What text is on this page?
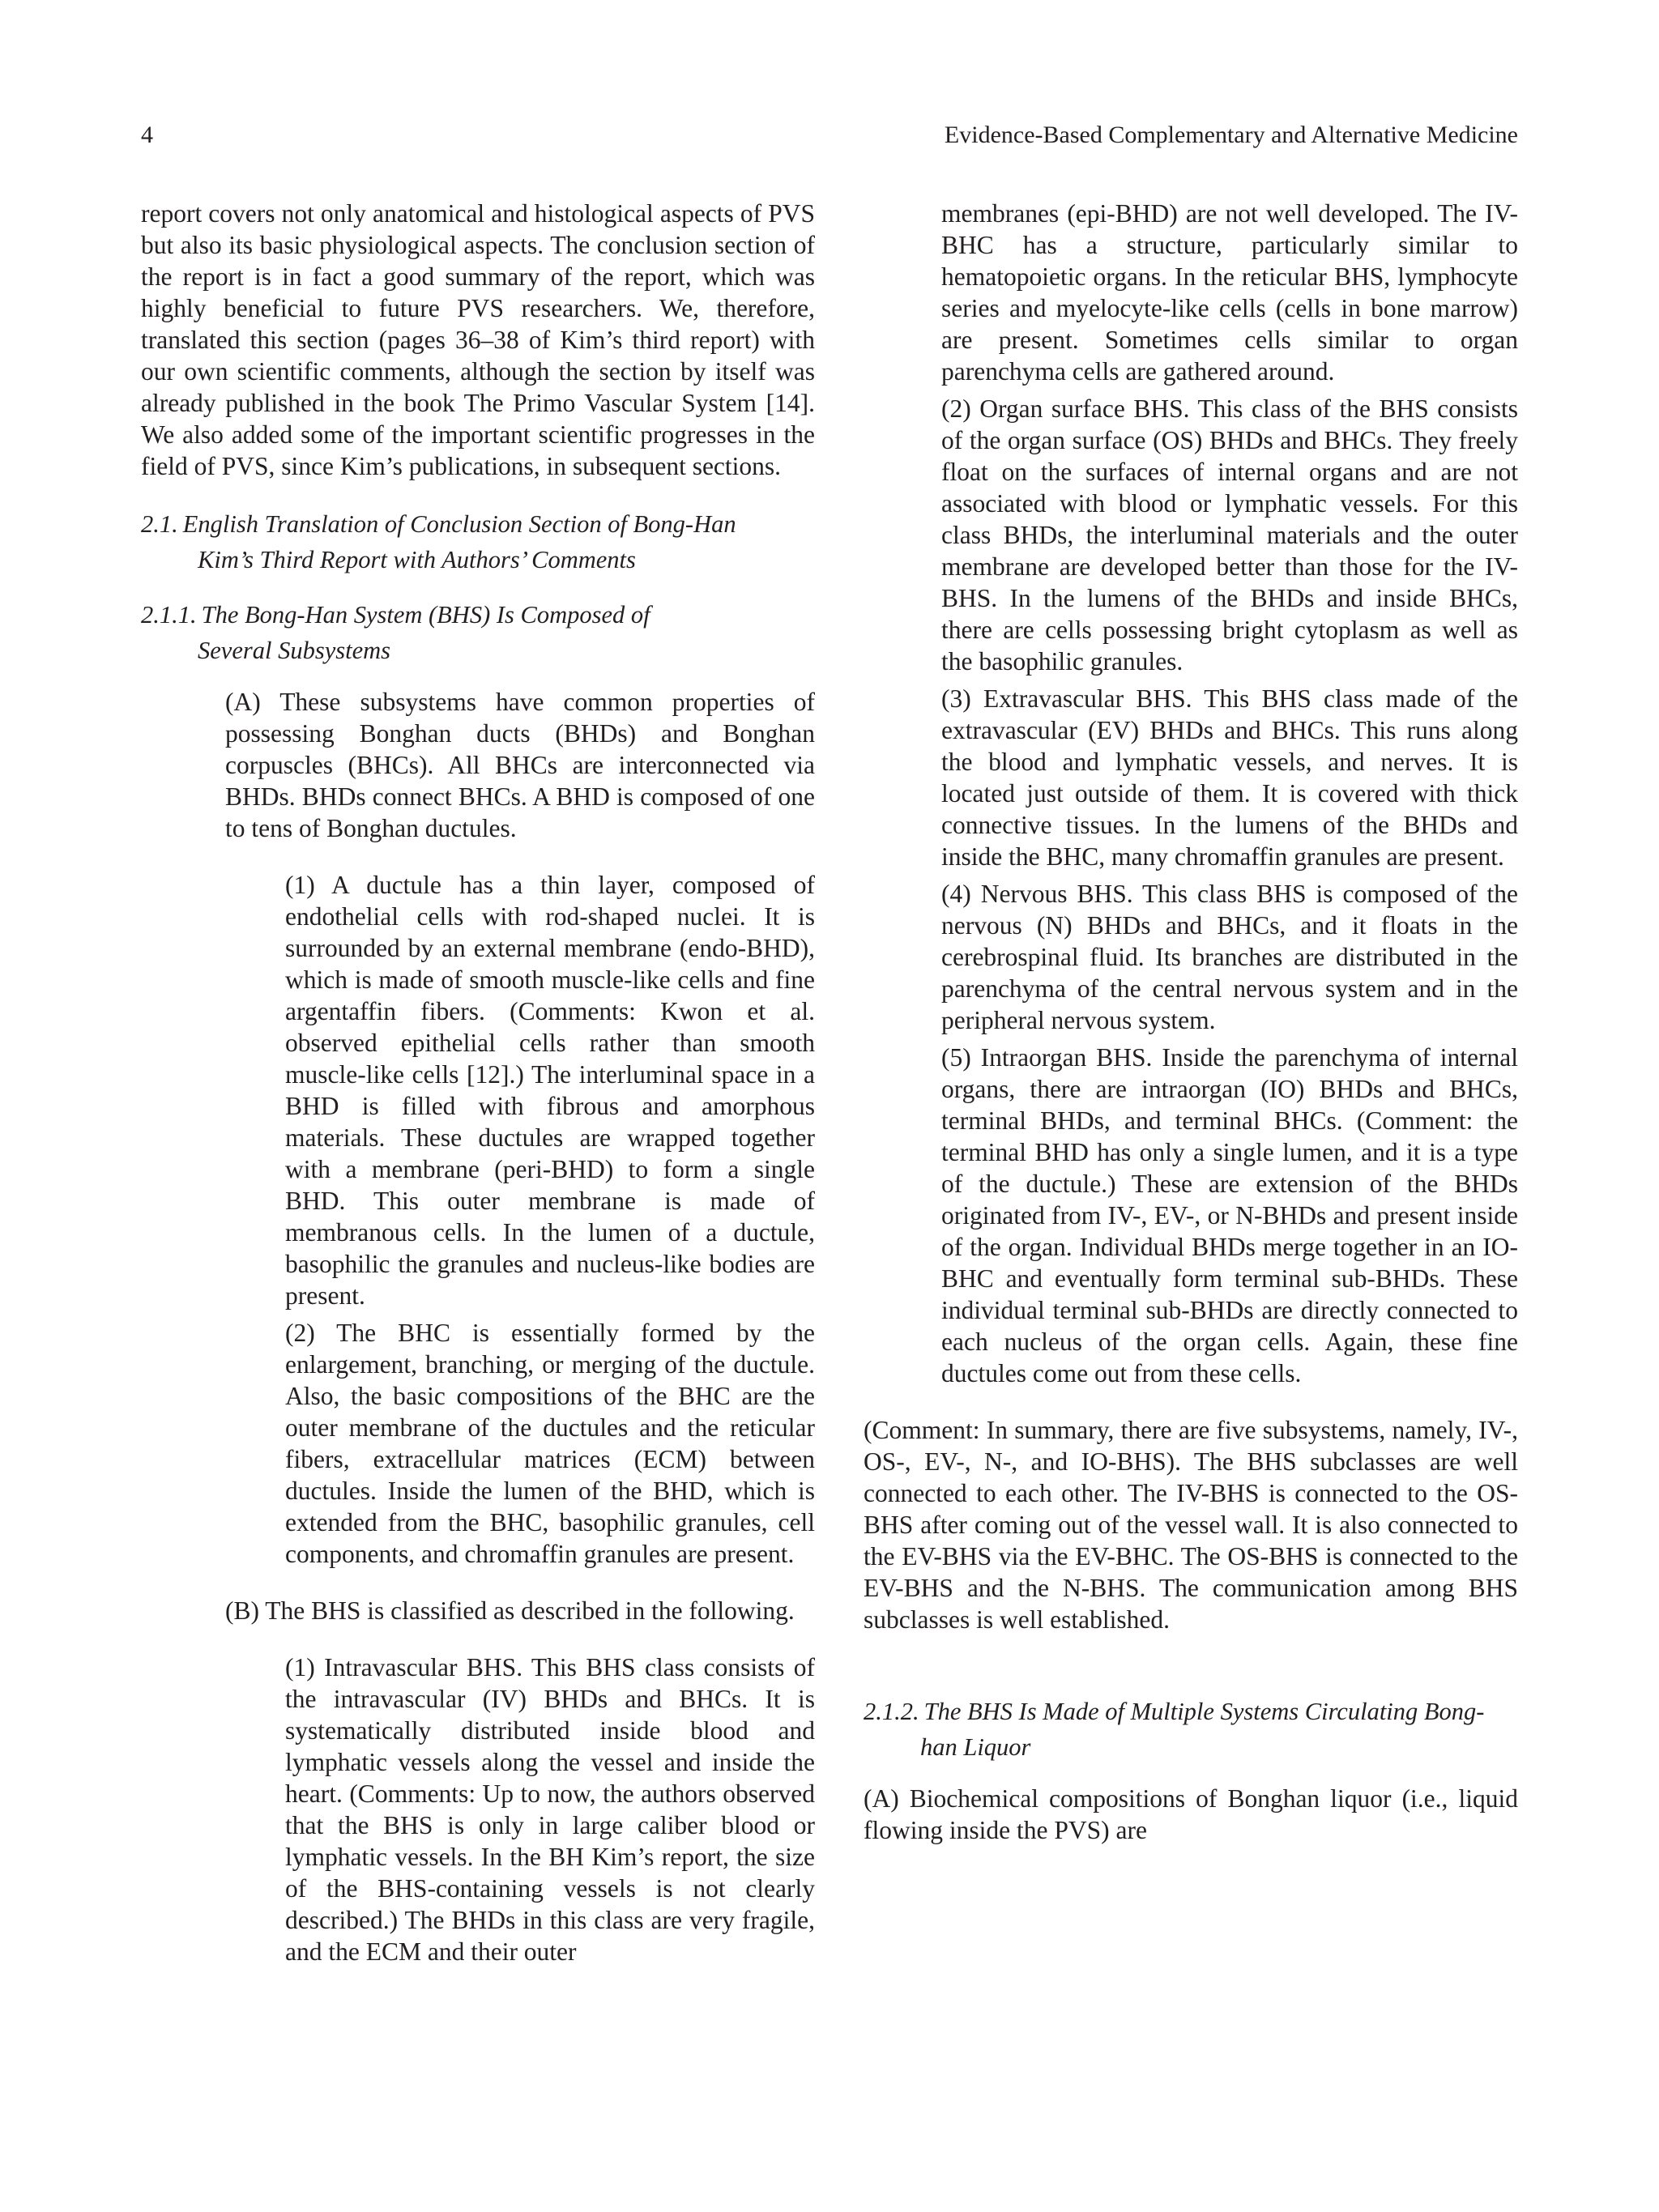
4	Evidence-Based Complementary and Alternative Medicine

report covers not only anatomical and histological aspects of PVS but also its basic physiological aspects. The conclusion section of the report is in fact a good summary of the report, which was highly beneficial to future PVS researchers. We, therefore, translated this section (pages 36–38 of Kim’s third report) with our own scientific comments, although the section by itself was already published in the book The Primo Vascular System [14]. We also added some of the important scientific progresses in the field of PVS, since Kim’s publications, in subsequent sections.

2.1. English Translation of Conclusion Section of Bong-Han
Kim’s Third Report with Authors’ Comments
2.1.1. The Bong-Han System (BHS) Is Composed of
Several Subsystems

(A) These subsystems have common properties of possessing Bonghan ducts (BHDs) and Bonghan corpuscles (BHCs). All BHCs are interconnected via BHDs. BHDs connect BHCs. A BHD is composed of one to tens of Bonghan ductules.

(1) A ductule has a thin layer, composed of endothelial cells with rod-shaped nuclei. It is surrounded by an external membrane (endo-BHD), which is made of smooth muscle-like cells and fine argentaffin fibers. (Comments: Kwon et al. observed epithelial cells rather than smooth muscle-like cells [12].) The interluminal space in a BHD is filled with fibrous and amorphous materials. These ductules are wrapped together with a membrane (peri-BHD) to form a single BHD. This outer membrane is made of membranous cells. In the lumen of a ductule, basophilic the granules and nucleus-like bodies are present.

(2) The BHC is essentially formed by the enlargement, branching, or merging of the ductule. Also, the basic compositions of the BHC are the outer membrane of the ductules and the reticular fibers, extracellular matrices (ECM) between ductules. Inside the lumen of the BHD, which is extended from the BHC, basophilic granules, cell components, and chromaffin granules are present.

(B) The BHS is classified as described in the following.

(1) Intravascular BHS. This BHS class consists of the intravascular (IV) BHDs and BHCs. It is systematically distributed inside blood and lymphatic vessels along the vessel and inside the heart. (Comments: Up to now, the authors observed that the BHS is only in large caliber blood or lymphatic vessels. In the BH Kim’s report, the size of the BHS-containing vessels is not clearly described.) The BHDs in this class are very fragile, and the ECM and their outer

membranes (epi-BHD) are not well developed. The IV-BHC has a structure, particularly similar to hematopoietic organs. In the reticular BHS, lymphocyte series and myelocyte-like cells (cells in bone marrow) are present. Sometimes cells similar to organ parenchyma cells are gathered around.

(2) Organ surface BHS. This class of the BHS consists of the organ surface (OS) BHDs and BHCs. They freely float on the surfaces of internal organs and are not associated with blood or lymphatic vessels. For this class BHDs, the interluminal materials and the outer membrane are developed better than those for the IV-BHS. In the lumens of the BHDs and inside BHCs, there are cells possessing bright cytoplasm as well as the basophilic granules.

(3) Extravascular BHS. This BHS class made of the extravascular (EV) BHDs and BHCs. This runs along the blood and lymphatic vessels, and nerves. It is located just outside of them. It is covered with thick connective tissues. In the lumens of the BHDs and inside the BHC, many chromaffin granules are present.

(4) Nervous BHS. This class BHS is composed of the nervous (N) BHDs and BHCs, and it floats in the cerebrospinal fluid. Its branches are distributed in the parenchyma of the central nervous system and in the peripheral nervous system.

(5) Intraorgan BHS. Inside the parenchyma of internal organs, there are intraorgan (IO) BHDs and BHCs, terminal BHDs, and terminal BHCs. (Comment: the terminal BHD has only a single lumen, and it is a type of the ductule.) These are extension of the BHDs originated from IV-, EV-, or N-BHDs and present inside of the organ. Individual BHDs merge together in an IO-BHC and eventually form terminal sub-BHDs. These individual terminal sub-BHDs are directly connected to each nucleus of the organ cells. Again, these fine ductules come out from these cells.

(Comment: In summary, there are five subsystems, namely, IV-, OS-, EV-, N-, and IO-BHS). The BHS subclasses are well connected to each other. The IV-BHS is connected to the OS-BHS after coming out of the vessel wall. It is also connected to the EV-BHS via the EV-BHC. The OS-BHS is connected to the EV-BHS and the N-BHS. The communication among BHS subclasses is well established.

2.1.2. The BHS Is Made of Multiple Systems Circulating Bong-
han Liquor

(A) Biochemical compositions of Bonghan liquor (i.e., liquid flowing inside the PVS) are
